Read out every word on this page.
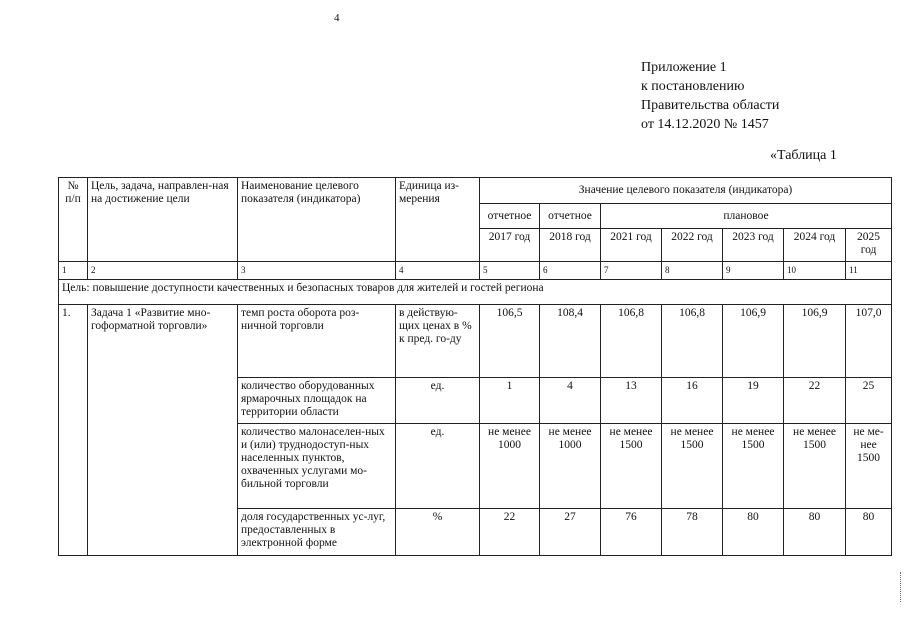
4
Приложение 1
к постановлению
Правительства области
от 14.12.2020 № 1457
«Таблица 1
№ п/п	Цель, задача, направлен-ная на достижение цели	Наименование целевого показателя (индикатора)	Единица из-мерения	Значение целевого показателя (индикатора)						
				отчетное	отчетное	плановое				
				2017 год	2018 год	2021 год	2022 год	2023 год	2024 год	2025 год
1	2	3	4	5	6	7	8	9	10	11
Цель: повышение доступности качественных и безопасных товаров для жителей и гостей региона										
1.	Задача 1 «Развитие мно-гоформатной торговли»	темп роста оборота роз-ничной торговли	в действую-щих ценах в % к пред. го-ду	106,5	108,4	106,8	106,8	106,9	106,9	107,0
		количество оборудованных ярмарочных площадок на территории области	ед.	1	4	13	16	19	22	25
		количество малонаселен-ных и (или) труднодоступ-ных населенных пунктов, охваченных услугами мо-бильной торговли	ед.	не менее 1000	не менее 1000	не менее 1500	не менее 1500	не менее 1500	не менее 1500	не ме-нее 1500
		доля государственных ус-луг, предоставленных в электронной форме	%	22	27	76	78	80	80	80
